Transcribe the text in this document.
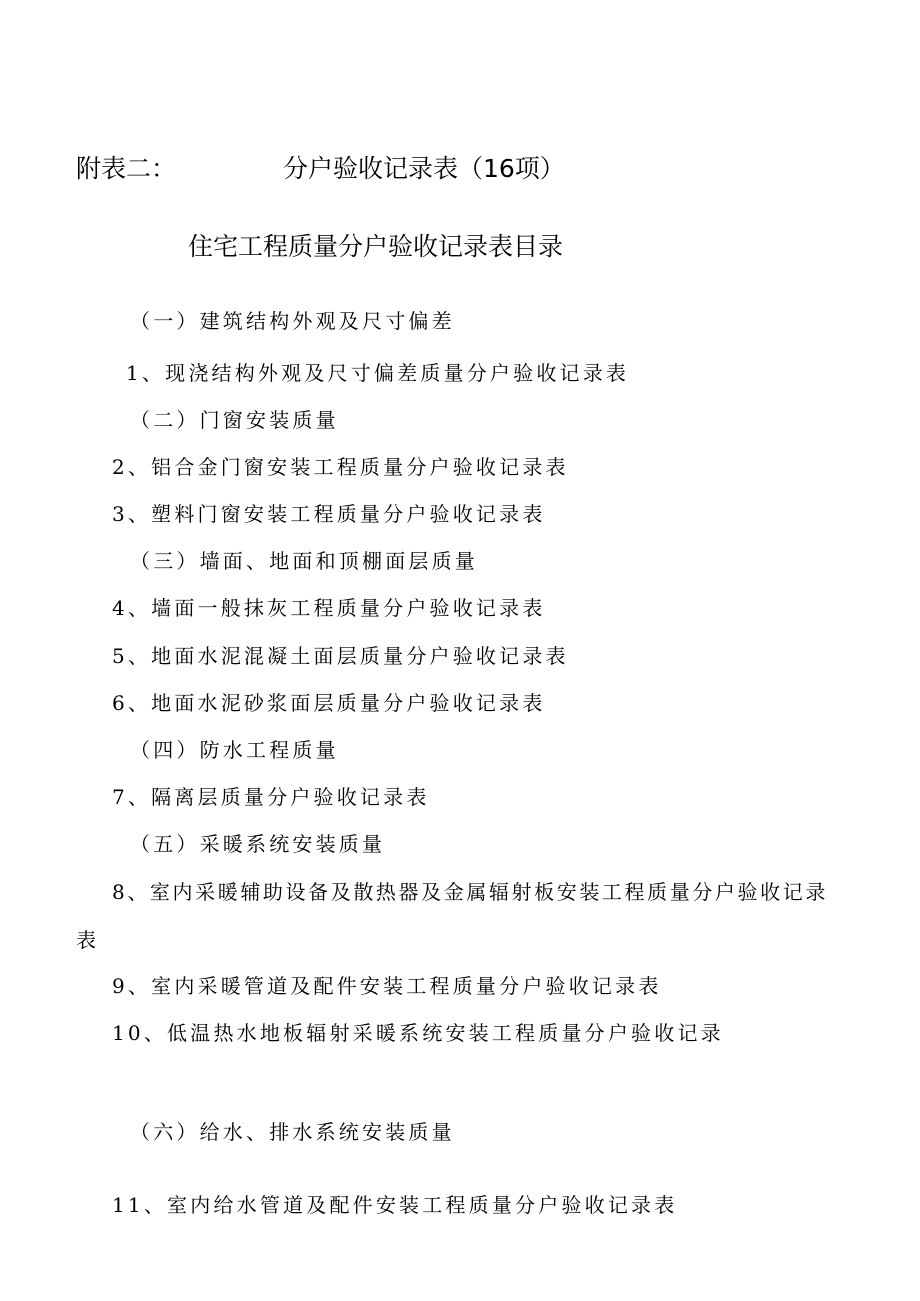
附表二：	分户验收记录表（16项）
住宅工程质量分户验收记录表目录
（一）建筑结构外观及尺寸偏差
1、现浇结构外观及尺寸偏差质量分户验收记录表
（二）门窗安装质量
2、铝合金门窗安装工程质量分户验收记录表
3、塑料门窗安装工程质量分户验收记录表
（三）墙面、地面和顶棚面层质量
4、墙面一般抹灰工程质量分户验收记录表
5、地面水泥混凝土面层质量分户验收记录表
6、地面水泥砂浆面层质量分户验收记录表
（四）防水工程质量
7、隔离层质量分户验收记录表
（五）采暖系统安装质量
8、室内采暖辅助设备及散热器及金属辐射板安装工程质量分户验收记录
表
9、室内采暖管道及配件安装工程质量分户验收记录表
10、低温热水地板辐射采暖系统安装工程质量分户验收记录
（六）给水、排水系统安装质量
11、室内给水管道及配件安装工程质量分户验收记录表
